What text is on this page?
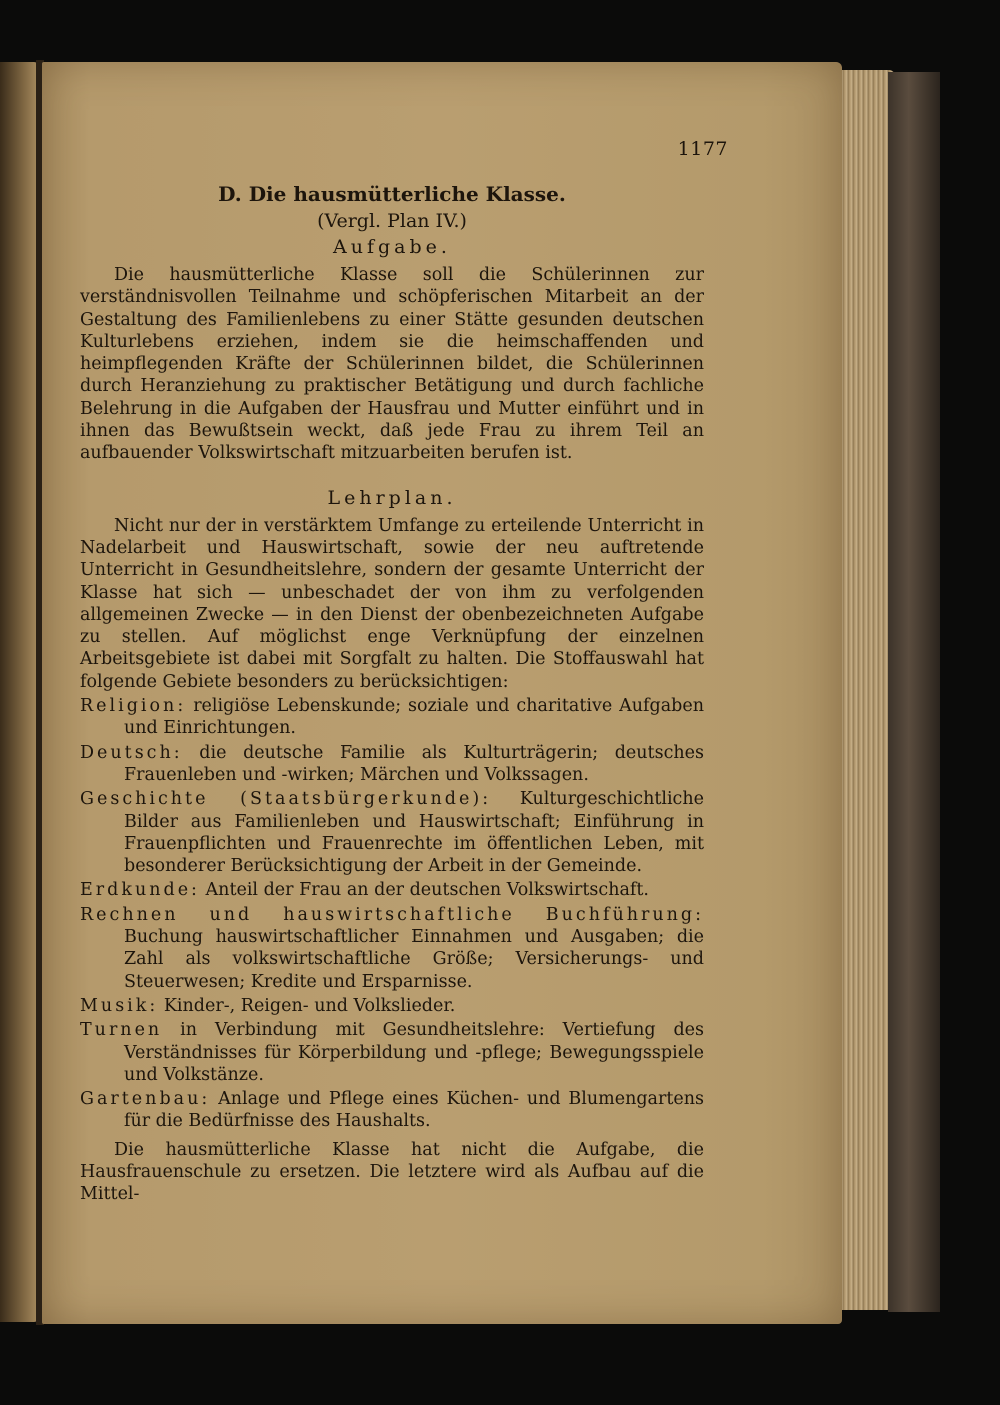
1177
D. Die hausmütterliche Klasse.
(Vergl. Plan IV.)
Aufgabe.

Die hausmütterliche Klasse soll die Schülerinnen zur verständnisvollen Teilnahme und schöpferischen Mitarbeit an der Gestaltung des Familienlebens zu einer Stätte gesunden deutschen Kulturlebens erziehen, indem sie die heimschaffenden und heimpflegenden Kräfte der Schülerinnen bildet, die Schülerinnen durch Heranziehung zu praktischer Betätigung und durch fachliche Belehrung in die Aufgaben der Hausfrau und Mutter einführt und in ihnen das Bewußtsein weckt, daß jede Frau zu ihrem Teil an aufbauender Volkswirtschaft mitzuarbeiten berufen ist.

Lehrplan.

Nicht nur der in verstärktem Umfange zu erteilende Unterricht in Nadelarbeit und Hauswirtschaft, sowie der neu auftretende Unterricht in Gesundheitslehre, sondern der gesamte Unterricht der Klasse hat sich — unbeschadet der von ihm zu verfolgenden allgemeinen Zwecke — in den Dienst der obenbezeichneten Aufgabe zu stellen. Auf möglichst enge Verknüpfung der einzelnen Arbeitsgebiete ist dabei mit Sorgfalt zu halten. Die Stoffauswahl hat folgende Gebiete besonders zu berücksichtigen:

Religion: religiöse Lebenskunde; soziale und charitative Aufgaben und Einrichtungen.

Deutsch: die deutsche Familie als Kulturträgerin; deutsches Frauenleben und -wirken; Märchen und Volkssagen.

Geschichte (Staatsbürgerkunde): Kulturgeschichtliche Bilder aus Familienleben und Hauswirtschaft; Einführung in Frauenpflichten und Frauenrechte im öffentlichen Leben, mit besonderer Berücksichtigung der Arbeit in der Gemeinde.

Erdkunde: Anteil der Frau an der deutschen Volkswirtschaft.

Rechnen und hauswirtschaftliche Buchführung: Buchung hauswirtschaftlicher Einnahmen und Ausgaben; die Zahl als volkswirtschaftliche Größe; Versicherungs- und Steuerwesen; Kredite und Ersparnisse.

Musik: Kinder-, Reigen- und Volkslieder.

Turnen in Verbindung mit Gesundheitslehre: Vertiefung des Verständnisses für Körperbildung und -pflege; Bewegungsspiele und Volkstänze.

Gartenbau: Anlage und Pflege eines Küchen- und Blumengartens für die Bedürfnisse des Haushalts.

Die hausmütterliche Klasse hat nicht die Aufgabe, die Hausfrauenschule zu ersetzen. Die letztere wird als Aufbau auf die Mittel-
